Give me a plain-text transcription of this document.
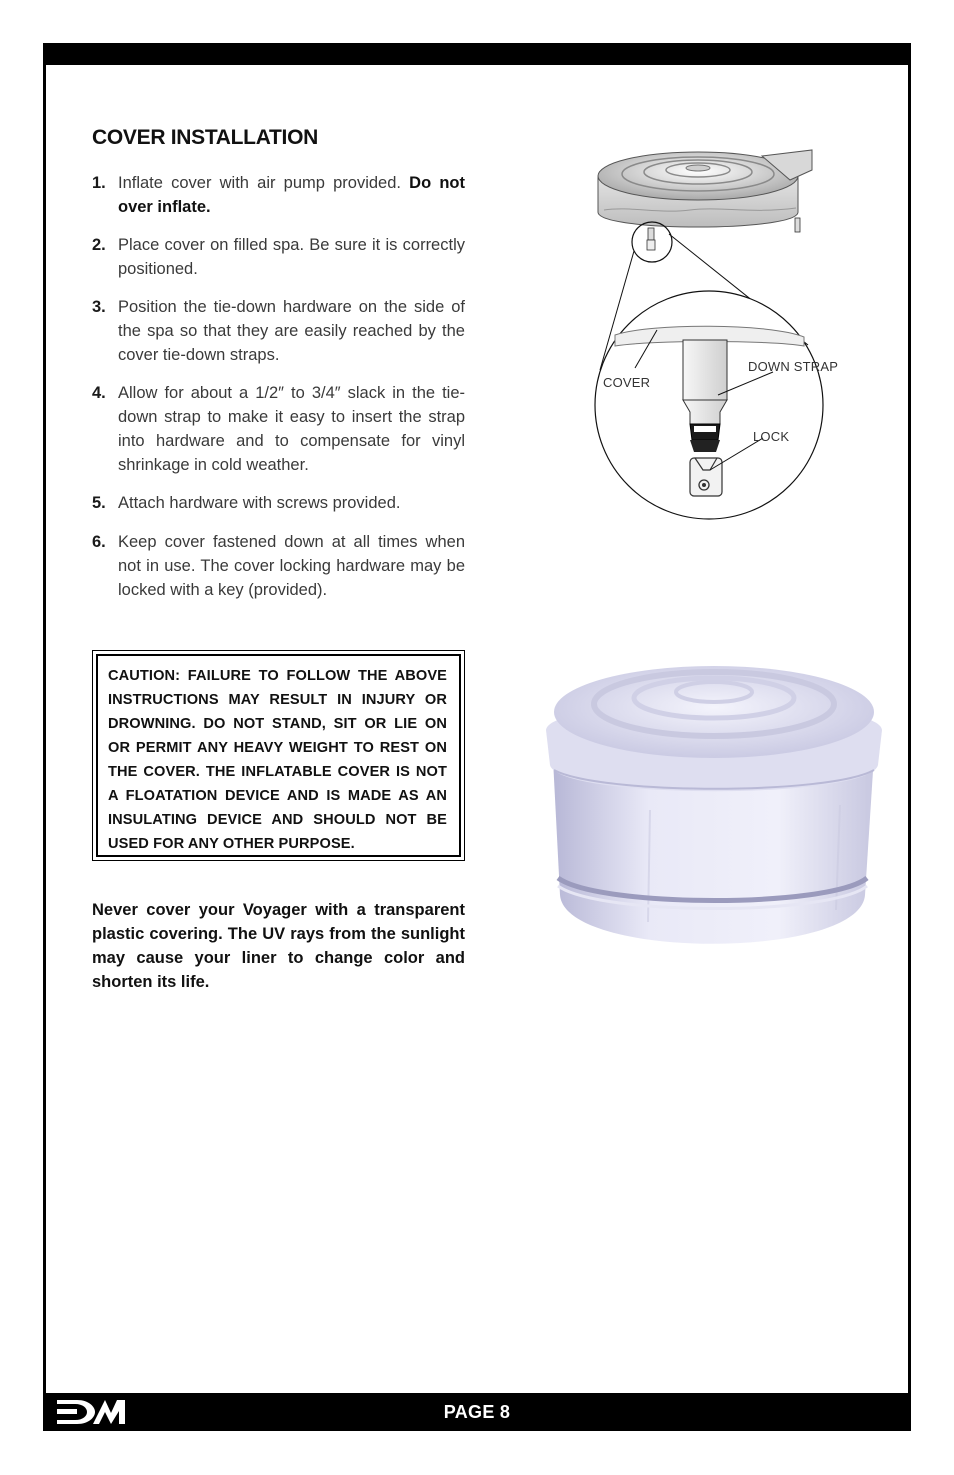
COVER INSTALLATION
1. Inflate cover with air pump provided. Do not over inflate.
2. Place cover on filled spa. Be sure it is correctly positioned.
3. Position the tie-down hardware on the side of the spa so that they are easily reached by the cover tie-down straps.
4. Allow for about a 1/2″ to 3/4″ slack in the tie-down strap to make it easy to insert the strap into hardware and to compensate for vinyl shrinkage in cold weather.
5. Attach hardware with screws provided.
6. Keep cover fastened down at all times when not in use. The cover locking hardware may be locked with a key (provided).
CAUTION: FAILURE TO FOLLOW THE ABOVE INSTRUCTIONS MAY RESULT IN INJURY OR DROWNING. DO NOT STAND, SIT OR LIE ON OR PERMIT ANY HEAVY WEIGHT TO REST ON THE COVER. THE INFLATABLE COVER IS NOT A FLOATATION DEVICE AND IS MADE AS AN INSULATING DEVICE AND SHOULD NOT BE USED FOR ANY OTHER PURPOSE.

Never cover your Voyager with a transparent plastic covering. The UV rays from the sunlight may cause your liner to change color and shorten its life.

COVER
DOWN STRAP
LOCK
PAGE 8
